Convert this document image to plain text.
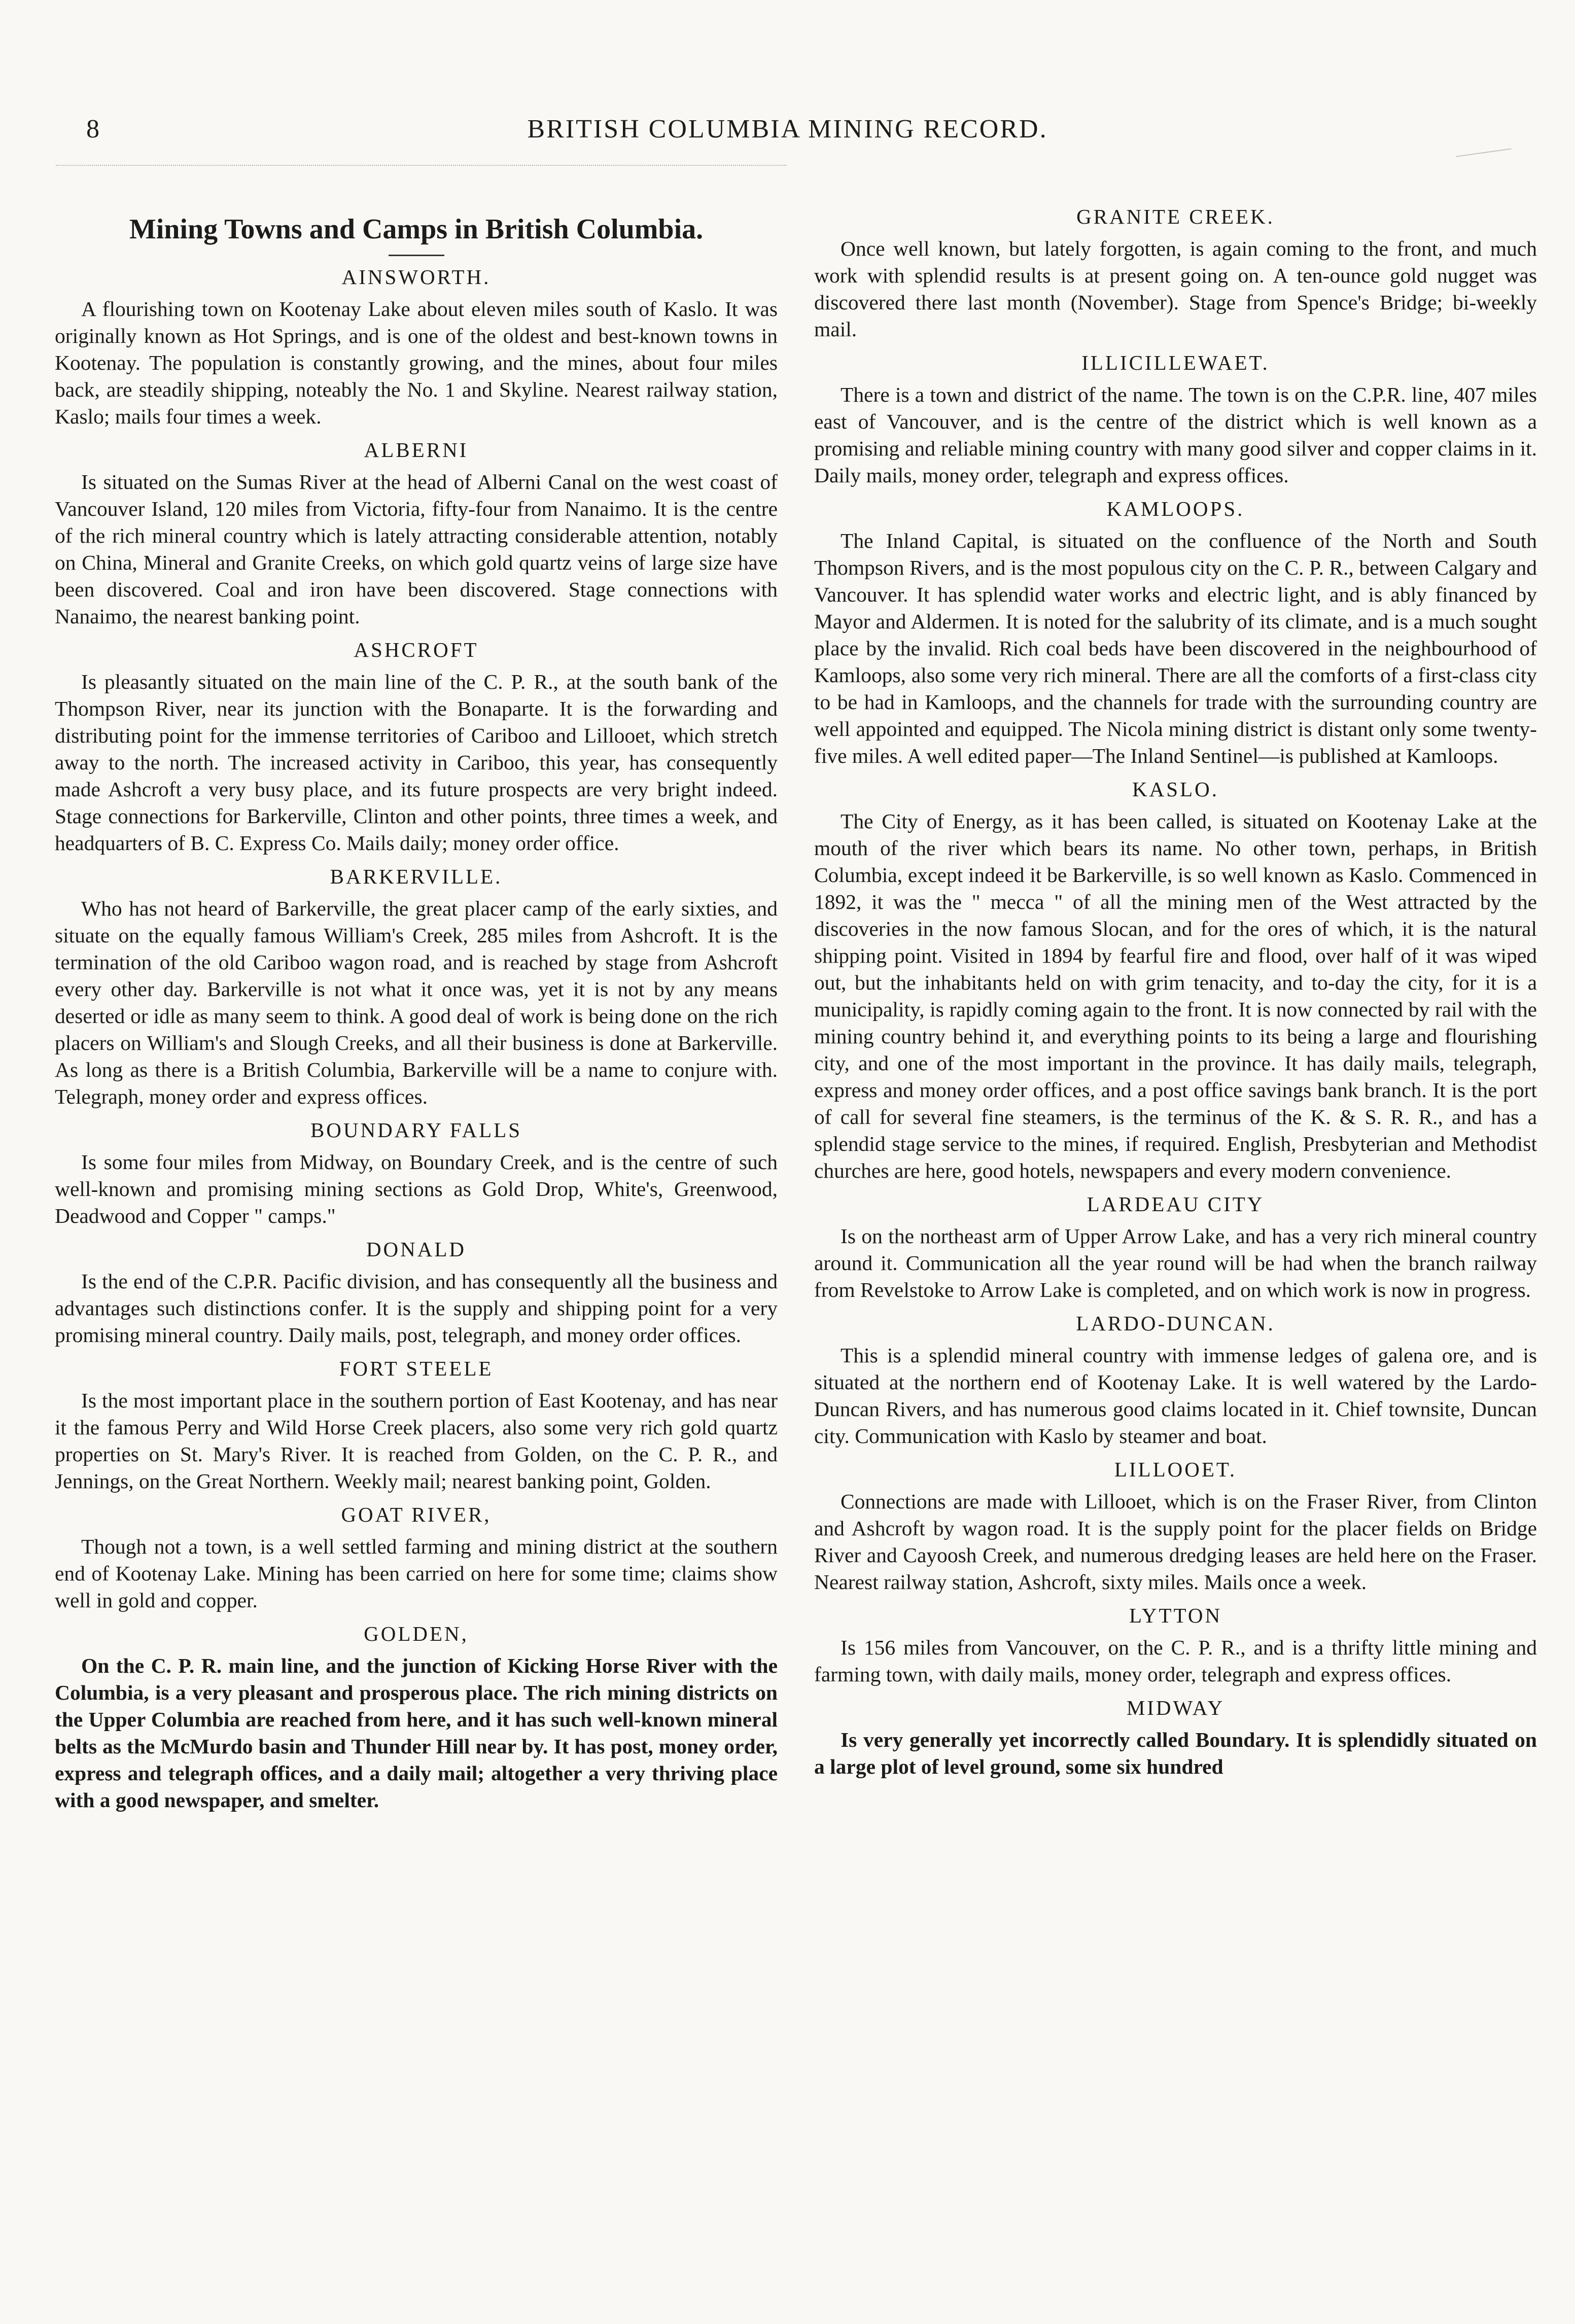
8	BRITISH COLUMBIA MINING RECORD.
Mining Towns and Camps in British Columbia.
AINSWORTH.

A flourishing town on Kootenay Lake about eleven miles south of Kaslo. It was originally known as Hot Springs, and is one of the oldest and best-known towns in Kootenay. The population is constantly growing, and the mines, about four miles back, are steadily shipping, noteably the No. 1 and Skyline. Nearest railway station, Kaslo; mails four times a week.

ALBERNI

Is situated on the Sumas River at the head of Alberni Canal on the west coast of Vancouver Island, 120 miles from Victoria, fifty-four from Nanaimo. It is the centre of the rich mineral country which is lately attracting considerable attention, notably on China, Mineral and Granite Creeks, on which gold quartz veins of large size have been discovered. Coal and iron have been discovered. Stage connections with Nanaimo, the nearest banking point.

ASHCROFT

Is pleasantly situated on the main line of the C. P. R., at the south bank of the Thompson River, near its junction with the Bonaparte. It is the forwarding and distributing point for the immense territories of Cariboo and Lillooet, which stretch away to the north. The increased activity in Cariboo, this year, has consequently made Ashcroft a very busy place, and its future prospects are very bright indeed. Stage connections for Barkerville, Clinton and other points, three times a week, and headquarters of B. C. Express Co. Mails daily; money order office.

BARKERVILLE.

Who has not heard of Barkerville, the great placer camp of the early sixties, and situate on the equally famous William's Creek, 285 miles from Ashcroft. It is the termination of the old Cariboo wagon road, and is reached by stage from Ashcroft every other day. Barkerville is not what it once was, yet it is not by any means deserted or idle as many seem to think. A good deal of work is being done on the rich placers on William's and Slough Creeks, and all their business is done at Barkerville. As long as there is a British Columbia, Barkerville will be a name to conjure with. Telegraph, money order and express offices.

BOUNDARY FALLS

Is some four miles from Midway, on Boundary Creek, and is the centre of such well-known and promising mining sections as Gold Drop, White's, Greenwood, Deadwood and Copper " camps."

DONALD

Is the end of the C.P.R. Pacific division, and has consequently all the business and advantages such distinctions confer. It is the supply and shipping point for a very promising mineral country. Daily mails, post, telegraph, and money order offices.

FORT STEELE

Is the most important place in the southern portion of East Kootenay, and has near it the famous Perry and Wild Horse Creek placers, also some very rich gold quartz properties on St. Mary's River. It is reached from Golden, on the C. P. R., and Jennings, on the Great Northern. Weekly mail; nearest banking point, Golden.

GOAT RIVER,

Though not a town, is a well settled farming and mining district at the southern end of Kootenay Lake. Mining has been carried on here for some time; claims show well in gold and copper.

GOLDEN,

On the C. P. R. main line, and the junction of Kicking Horse River with the Columbia, is a very pleasant and prosperous place. The rich mining districts on the Upper Columbia are reached from here, and it has such well-known mineral belts as the McMurdo basin and Thunder Hill near by. It has post, money order, express and telegraph offices, and a daily mail; altogether a very thriving place with a good newspaper, and smelter.

GRANITE CREEK.

Once well known, but lately forgotten, is again coming to the front, and much work with splendid results is at present going on. A ten-ounce gold nugget was discovered there last month (November). Stage from Spence's Bridge; bi-weekly mail.

ILLICILLEWAET.

There is a town and district of the name. The town is on the C.P.R. line, 407 miles east of Vancouver, and is the centre of the district which is well known as a promising and reliable mining country with many good silver and copper claims in it. Daily mails, money order, telegraph and express offices.

KAMLOOPS.

The Inland Capital, is situated on the confluence of the North and South Thompson Rivers, and is the most populous city on the C. P. R., between Calgary and Vancouver. It has splendid water works and electric light, and is ably financed by Mayor and Aldermen. It is noted for the salubrity of its climate, and is a much sought place by the invalid. Rich coal beds have been discovered in the neighbourhood of Kamloops, also some very rich mineral. There are all the comforts of a first-class city to be had in Kamloops, and the channels for trade with the surrounding country are well appointed and equipped. The Nicola mining district is distant only some twenty-five miles. A well edited paper—The Inland Sentinel—is published at Kamloops.

KASLO.

The City of Energy, as it has been called, is situated on Kootenay Lake at the mouth of the river which bears its name. No other town, perhaps, in British Columbia, except indeed it be Barkerville, is so well known as Kaslo. Commenced in 1892, it was the " mecca " of all the mining men of the West attracted by the discoveries in the now famous Slocan, and for the ores of which, it is the natural shipping point. Visited in 1894 by fearful fire and flood, over half of it was wiped out, but the inhabitants held on with grim tenacity, and to-day the city, for it is a municipality, is rapidly coming again to the front. It is now connected by rail with the mining country behind it, and everything points to its being a large and flourishing city, and one of the most important in the province. It has daily mails, telegraph, express and money order offices, and a post office savings bank branch. It is the port of call for several fine steamers, is the terminus of the K. & S. R. R., and has a splendid stage service to the mines, if required. English, Presbyterian and Methodist churches are here, good hotels, newspapers and every modern convenience.

LARDEAU CITY

Is on the northeast arm of Upper Arrow Lake, and has a very rich mineral country around it. Communication all the year round will be had when the branch railway from Revelstoke to Arrow Lake is completed, and on which work is now in progress.

LARDO-DUNCAN.

This is a splendid mineral country with immense ledges of galena ore, and is situated at the northern end of Kootenay Lake. It is well watered by the Lardo-Duncan Rivers, and has numerous good claims located in it. Chief townsite, Duncan city. Communication with Kaslo by steamer and boat.

LILLOOET.

Connections are made with Lillooet, which is on the Fraser River, from Clinton and Ashcroft by wagon road. It is the supply point for the placer fields on Bridge River and Cayoosh Creek, and numerous dredging leases are held here on the Fraser. Nearest railway station, Ashcroft, sixty miles. Mails once a week.

LYTTON

Is 156 miles from Vancouver, on the C. P. R., and is a thrifty little mining and farming town, with daily mails, money order, telegraph and express offices.

MIDWAY

Is very generally yet incorrectly called Boundary. It is splendidly situated on a large plot of level ground, some six hundred
